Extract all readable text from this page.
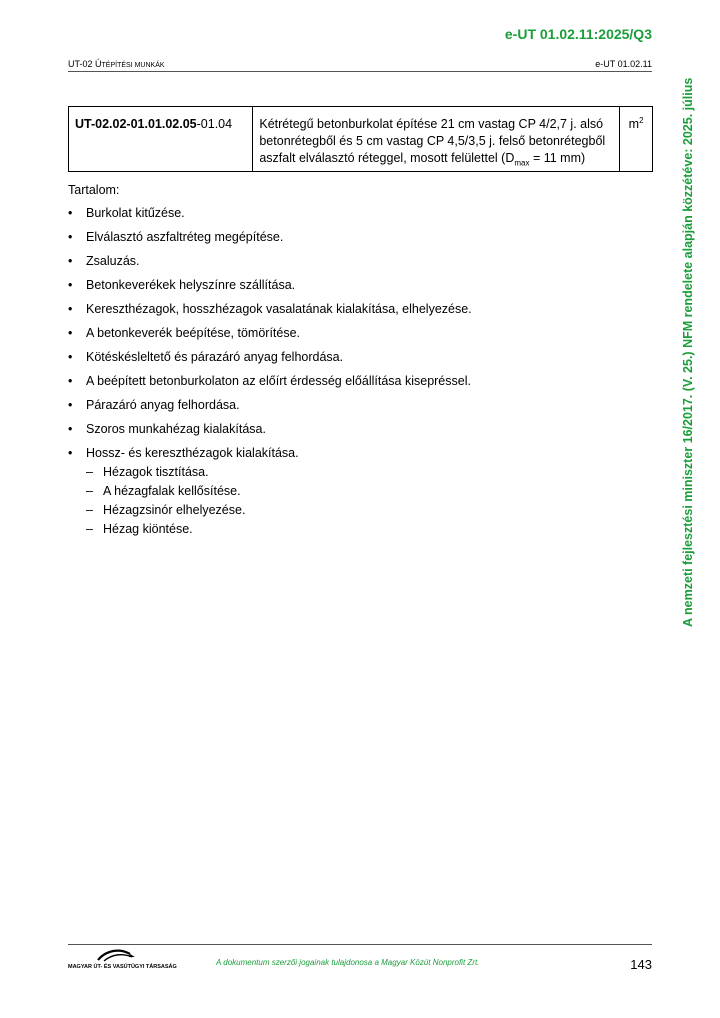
e-UT 01.02.11:2025/Q3
UT-02 ÚTÉPÍTÉSI MUNKÁK	e-UT 01.02.11
UT-02.02-01.01.02.05-01.04	Kétrétegű betonburkolat építése 21 cm vastag CP 4/2,7 j. alsó betonrétegből és 5 cm vastag CP 4,5/3,5 j. felső betonrétegből aszfalt elválasztó réteggel, mosott felülettel ($D_{max} = 11$ mm)	$m^2$

Tartalom:

• Burkolat kitűzése.
• Elválasztó aszfaltréteg megépítése.
• Zsaluzás.
• Betonkeverékek helyszínre szállítása.
• Kereszthézagok, hosszhézagok vasalatának kialakítása, elhelyezése.
• A betonkeverék beépítése, tömörítése.
• Kötéskésleltető és párazáró anyag felhordása.
• A beépített betonburkolaton az előírt érdesség előállítása kisepréssel.
• Párazáró anyag felhordása.
• Szoros munkahézag kialakítása.
• Hossz- és kereszthézagok kialakítása.
– Hézagok tisztítása.
– A hézagfalak kellősítése.
– Hézagzsinór elhelyezése.
– Hézag kiöntése.	A nemzeti fejlesztési miniszter 16/2017. (V. 25.) NFM rendelete alapján közzétéve: 2025. július
MAGYAR ÚT- ÉS VASÚTÜGYI TÁRSASÁG	A dokumentum szerzői jogainak tulajdonosa a Magyar Közút Nonprofit Zrt.	143
